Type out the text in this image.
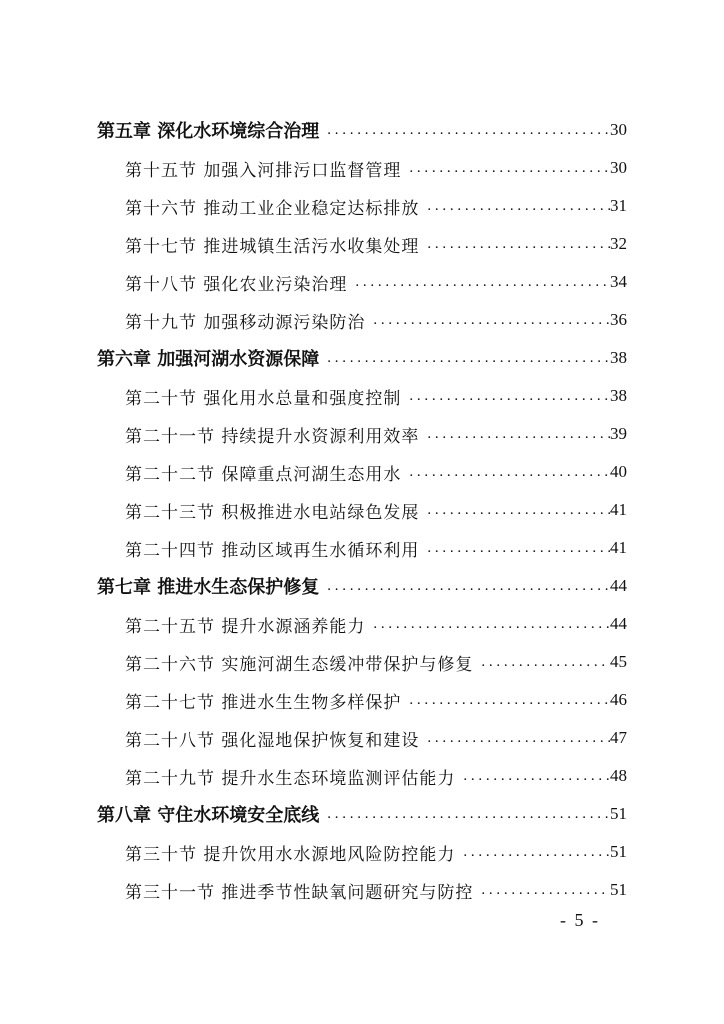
第五章 深化水环境综合治理 . . .	30
第十五节 加强入河排污口监督管理 . . .	30
第十六节 推动工业企业稳定达标排放 . . .	31
第十七节 推进城镇生活污水收集处理 . . .	32
第十八节 强化农业污染治理 . . .	34
第十九节 加强移动源污染防治 . . .	36
第六章 加强河湖水资源保障 . . .	38
第二十节 强化用水总量和强度控制 . . .	38
第二十一节 持续提升水资源利用效率 . . .	39
第二十二节 保障重点河湖生态用水 . . .	40
第二十三节 积极推进水电站绿色发展 . . .	41
第二十四节 推动区域再生水循环利用 . . .	41
第七章 推进水生态保护修复 . . .	44
第二十五节 提升水源涵养能力 . . .	44
第二十六节 实施河湖生态缓冲带保护与修复 . . .	45
第二十七节 推进水生生物多样保护 . . .	46
第二十八节 强化湿地保护恢复和建设 . . .	47
第二十九节 提升水生态环境监测评估能力 . . .	48
第八章 守住水环境安全底线 . . .	51
第三十节 提升饮用水水源地风险防控能力 . . .	51
第三十一节 推进季节性缺氧问题研究与防控 . . .	51
- 5 -
